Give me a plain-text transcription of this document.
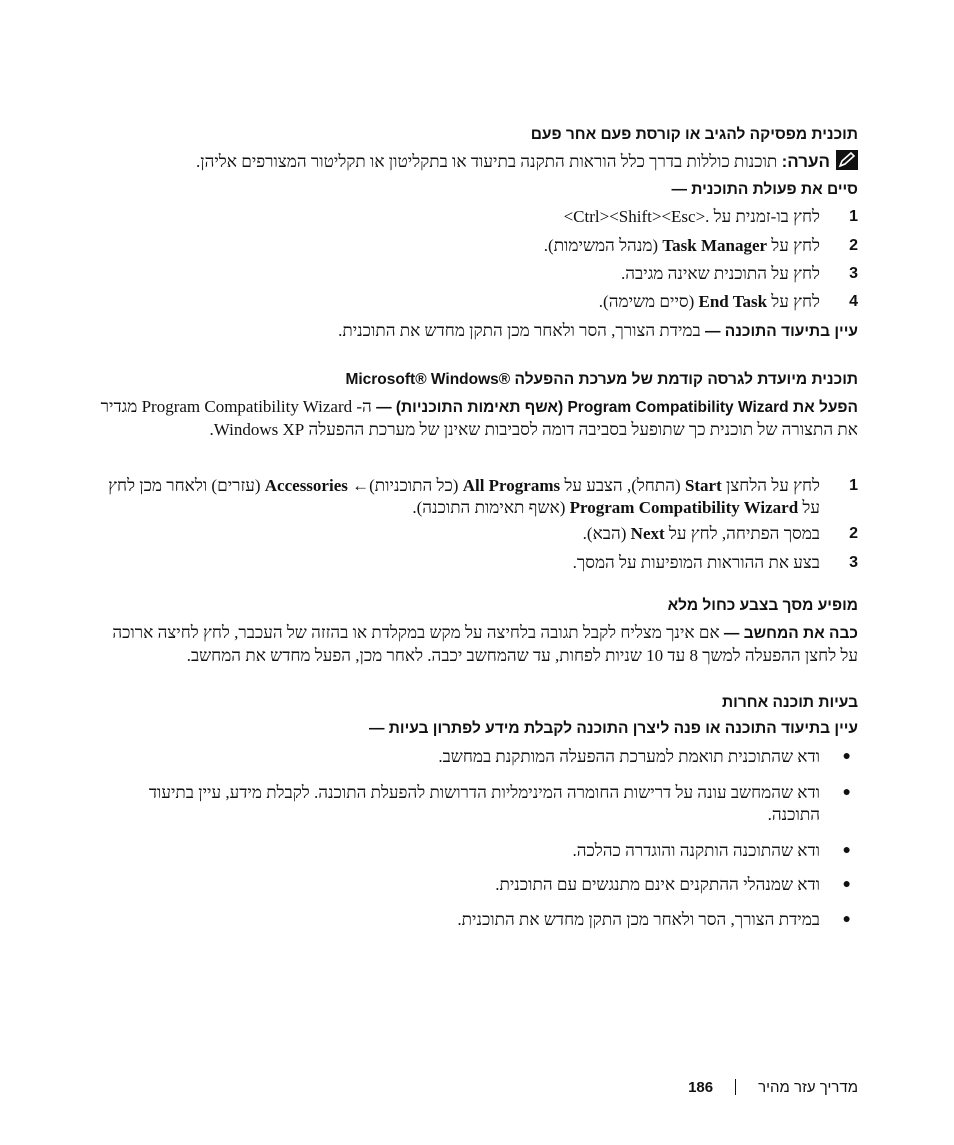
תוכנית מפסיקה להגיב או קורסת פעם אחר פעם
הערה: תוכנות כוללות בדרך כלל הוראות התקנה בתיעוד או בתקליטון או תקליטור המצורפים אליהן.
סיים את פעולת התוכנית —
1
לחץ בו-זמנית על <Ctrl><Shift><Esc>.
2
לחץ על Task Manager (מנהל המשימות).
3
לחץ על התוכנית שאינה מגיבה.
4
לחץ על End Task (סיים משימה).
עיין בתיעוד התוכנה — במידת הצורך, הסר ולאחר מכן התקן מחדש את התוכנית.
תוכנית מיועדת לגרסה קודמת של מערכת ההפעלה Microsoft® Windows®
הפעל את Program Compatibility Wizard (אשף תאימות התוכניות) — ה- Program Compatibility Wizard מגדיר את התצורה של תוכנית כך שתופעל בסביבה דומה לסביבות שאינן של מערכת ההפעלה Windows XP.
1
לחץ על הלחצן Start (התחל), הצבע על All Programs (כל התוכניות)← Accessories (עזרים) ולאחר מכן לחץ על Program Compatibility Wizard (אשף תאימות התוכנה).
2
במסך הפתיחה, לחץ על Next (הבא).
3
בצע את ההוראות המופיעות על המסך.
מופיע מסך בצבע כחול מלא
כבה את המחשב — אם אינך מצליח לקבל תגובה בלחיצה על מקש במקלדת או בהזזה של העכבר, לחץ לחיצה ארוכה על לחצן ההפעלה למשך 8 עד 10 שניות לפחות, עד שהמחשב יכבה. לאחר מכן, הפעל מחדש את המחשב.
בעיות תוכנה אחרות
עיין בתיעוד התוכנה או פנה ליצרן התוכנה לקבלת מידע לפתרון בעיות —
●
ודא שהתוכנית תואמת למערכת ההפעלה המותקנת במחשב.
●
ודא שהמחשב עונה על דרישות החומרה המינימליות הדרושות להפעלת התוכנה. לקבלת מידע, עיין בתיעוד התוכנה.
●
ודא שהתוכנה הותקנה והוגדרה כהלכה.
●
ודא שמנהלי ההתקנים אינם מתנגשים עם התוכנית.
●
במידת הצורך, הסר ולאחר מכן התקן מחדש את התוכנית.
מדריך עזר מהיר186
